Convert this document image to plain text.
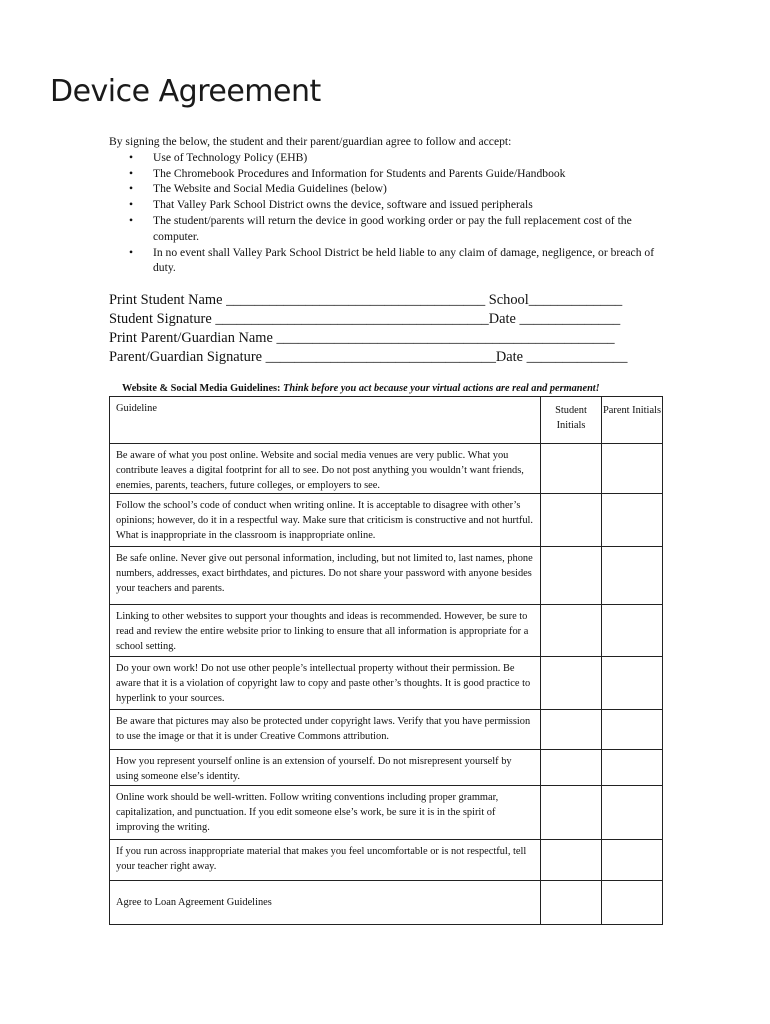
Device Agreement
By signing the below, the student and their parent/guardian agree to follow and accept:
• Use of Technology Policy (EHB)
• The Chromebook Procedures and Information for Students and Parents Guide/Handbook
• The Website and Social Media Guidelines (below)
• That Valley Park School District owns the device, software and issued peripherals
• The student/parents will return the device in good working order or pay the full replacement cost of the computer.
• In no event shall Valley Park School District be held liable to any claim of damage, negligence, or breach of duty.
Print Student Name ____________________________________ School_____________
Student Signature ______________________________________Date ______________
Print Parent/Guardian Name _______________________________________________
Parent/Guardian Signature ________________________________Date ______________
Website & Social Media Guidelines: Think before you act because your virtual actions are real and permanent!
Guideline	Student Initials	Parent Initials
Be aware of what you post online. Website and social media venues are very public. What you contribute leaves a digital footprint for all to see. Do not post anything you wouldn’t want friends, enemies, parents, teachers, future colleges, or employers to see.		
Follow the school’s code of conduct when writing online. It is acceptable to disagree with other’s opinions; however, do it in a respectful way. Make sure that criticism is constructive and not hurtful. What is inappropriate in the classroom is inappropriate online.		
Be safe online. Never give out personal information, including, but not limited to, last names, phone numbers, addresses, exact birthdates, and pictures. Do not share your password with anyone besides your teachers and parents.		
Linking to other websites to support your thoughts and ideas is recommended. However, be sure to read and review the entire website prior to linking to ensure that all information is appropriate for a school setting.		
Do your own work! Do not use other people’s intellectual property without their permission. Be aware that it is a violation of copyright law to copy and paste other’s thoughts. It is good practice to hyperlink to your sources.		
Be aware that pictures may also be protected under copyright laws. Verify that you have permission to use the image or that it is under Creative Commons attribution.		
How you represent yourself online is an extension of yourself. Do not misrepresent yourself by using someone else’s identity.		
Online work should be well-written. Follow writing conventions including proper grammar, capitalization, and punctuation. If you edit someone else’s work, be sure it is in the spirit of improving the writing.		
If you run across inappropriate material that makes you feel uncomfortable or is not respectful, tell your teacher right away.		
Agree to Loan Agreement Guidelines		
